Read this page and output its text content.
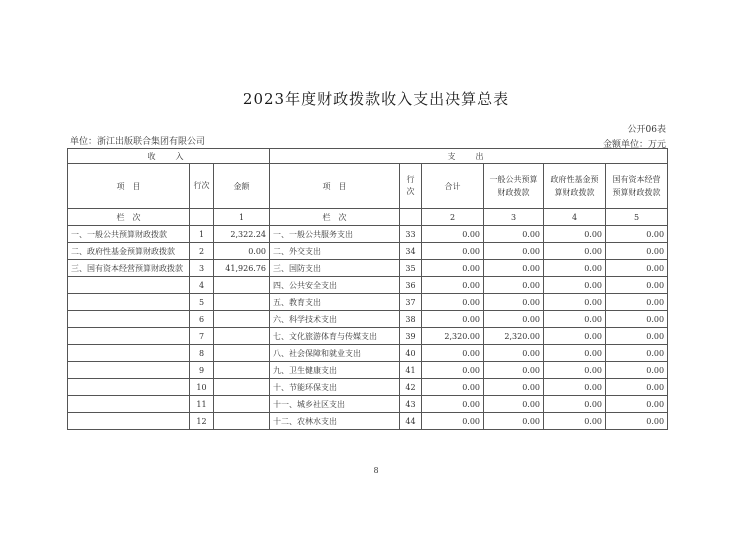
2023年度财政拨款收入支出决算总表
单位：浙江出版联合集团有限公司
公开06表
金额单位：万元
收　入			支　出					
项　目	行次	金额	项　目	行次	合计	一般公共预算财政拨款	政府性基金预算财政拨款	国有资本经营预算财政拨款
栏　次		1	栏　次		2	3	4	5
一、一般公共预算财政拨款	1	2,322.24	一、一般公共服务支出	33	0.00	0.00	0.00	0.00
二、政府性基金预算财政拨款	2	0.00	二、外交支出	34	0.00	0.00	0.00	0.00
三、国有资本经营预算财政拨款	3	41,926.76	三、国防支出	35	0.00	0.00	0.00	0.00
	4		四、公共安全支出	36	0.00	0.00	0.00	0.00
	5		五、教育支出	37	0.00	0.00	0.00	0.00
	6		六、科学技术支出	38	0.00	0.00	0.00	0.00
	7		七、文化旅游体育与传媒支出	39	2,320.00	2,320.00	0.00	0.00
	8		八、社会保障和就业支出	40	0.00	0.00	0.00	0.00
	9		九、卫生健康支出	41	0.00	0.00	0.00	0.00
	10		十、节能环保支出	42	0.00	0.00	0.00	0.00
	11		十一、城乡社区支出	43	0.00	0.00	0.00	0.00
	12		十二、农林水支出	44	0.00	0.00	0.00	0.00
8
